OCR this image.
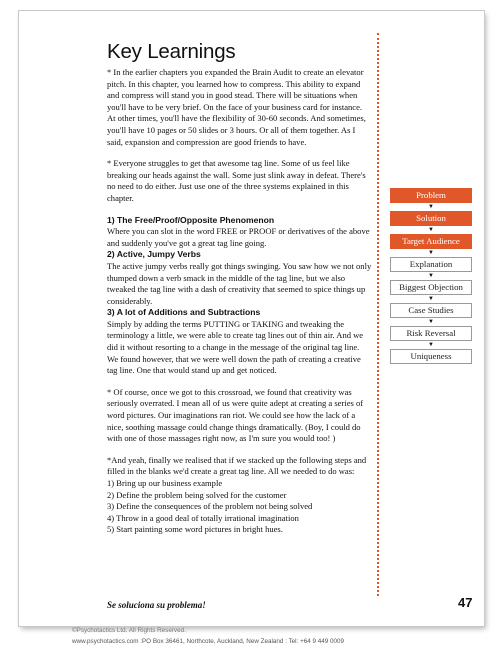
Key Learnings

* In the earlier chapters you expanded the Brain Audit to create an elevator pitch. In this chapter, you learned how to compress. This ability to expand and compress will stand you in good stead. There will be situations when you'll have to be very brief. On the face of your business card for instance. At other times, you'll have the flexibility of 30-60 seconds. And sometimes, you'll have 10 pages or 50 slides or 3 hours. Or all of them together. As I said, expansion and compression are good friends to have.

* Everyone struggles to get that awesome tag line. Some of us feel like breaking our heads against the wall. Some just slink away in defeat. There's no need to do either. Just use one of the three systems explained in this chapter.

1) The Free/Proof/Opposite Phenomenon

Where you can slot in the word FREE or PROOF or derivatives of the above and suddenly you've got a great tag line going.

2) Active, Jumpy Verbs

The active jumpy verbs really got things swinging. You saw how we not only thumped down a verb smack in the middle of the tag line, but we also tweaked the tag line with a dash of creativity that seemed to spice things up considerably.

3) A lot of Additions and Subtractions

Simply by adding the terms PUTTING or TAKING and tweaking the terminology a little, we were able to create tag lines out of thin air. And we did it without resorting to a change in the message of the original tag line. We found however, that we were well down the path of creating a creative tag line. One that would stand up and get noticed.

* Of course, once we got to this crossroad, we found that creativity was seriously overrated. I mean all of us were quite adept at creating a series of word pictures. Our imaginations ran riot. We could see how the lack of a nice, soothing massage could change things dramatically. (Boy, I could do with one of those massages right now, as I'm sure you would too! )

*And yeah, finally we realised that if we stacked up the following steps and filled in the blanks we'd create a great tag line. All we needed to do was:

1) Bring up our business example

2) Define the problem being solved for the customer

3) Define the consequences of the problem not being solved

4) Throw in a good deal of totally irrational imagination

5) Start painting some word pictures in bright hues.

Problem
▼
Solution
▼
Target Audience
▼
Explanation
▼
Biggest Objection
▼
Case Studies
▼
Risk Reversal
▼
Uniqueness
Se soluciona su problema!	47
©Psychotactics Ltd. All Rights Reserved.
www.psychotactics.com :PO Box 36461, Northcote, Auckland, New Zealand : Tel: +64 9 449 0009
